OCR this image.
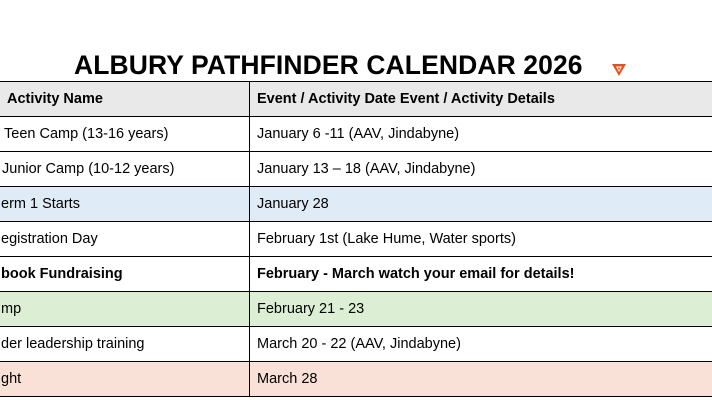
ALBURY PATHFINDER CALENDAR 2026
Activity Name	Event / Activity Date Event / Activity Details
Teen Camp (13-16 years)	January 6 -11 (AAV, Jindabyne)
Junior Camp (10-12 years)	January 13 – 18 (AAV, Jindabyne)
erm 1 Starts	January 28
egistration Day	February 1st (Lake Hume, Water sports)
book Fundraising	February - March watch your email for details!
mp	February 21 - 23
der leadership training	March 20 - 22 (AAV, Jindabyne)
ght	March 28
